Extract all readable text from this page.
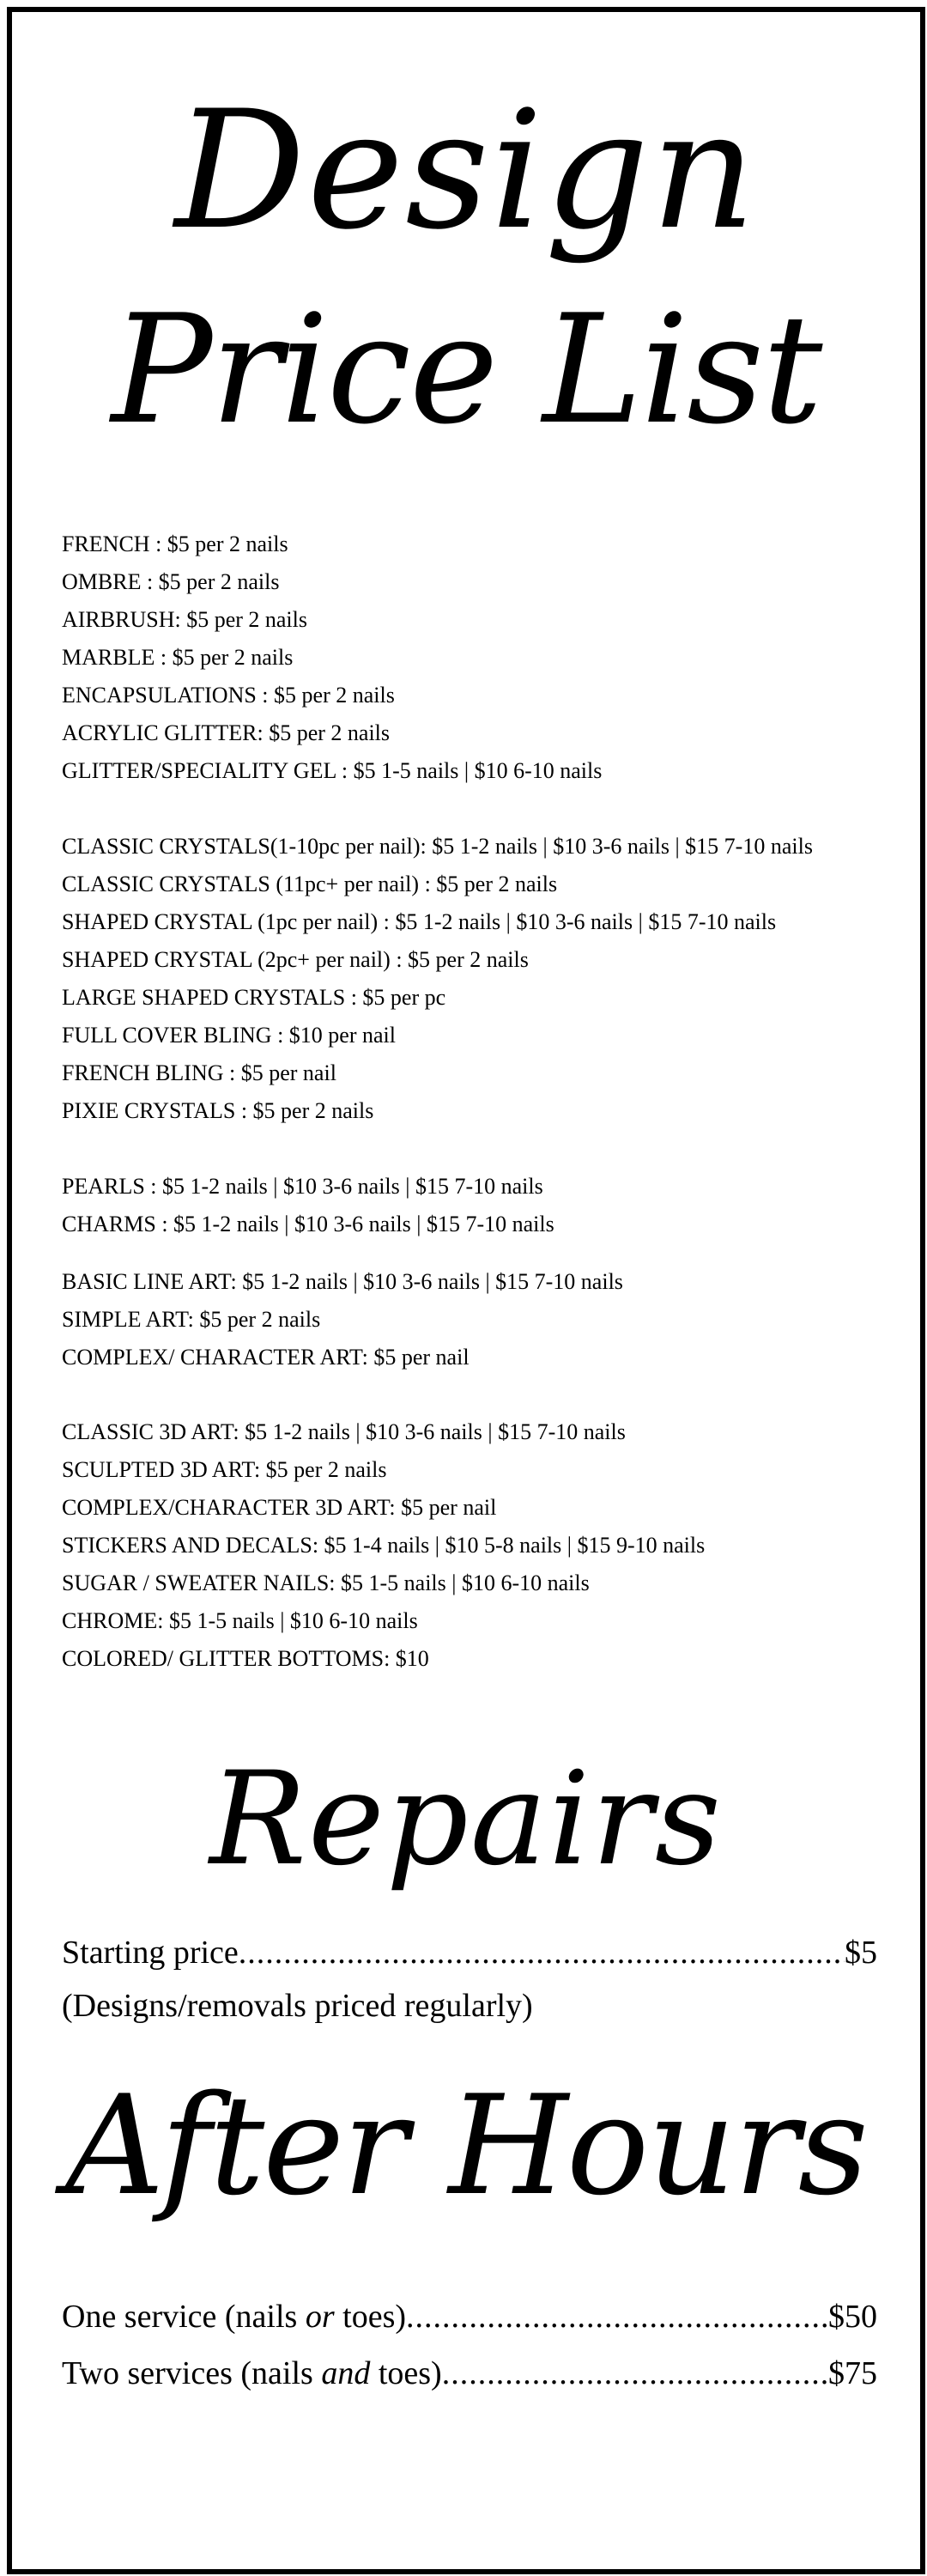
Design
Price List
FRENCH : $5 per 2 nails
OMBRE : $5 per 2 nails
AIRBRUSH: $5 per 2 nails
MARBLE : $5 per 2 nails
ENCAPSULATIONS : $5 per 2 nails
ACRYLIC GLITTER: $5 per 2 nails
GLITTER/SPECIALITY GEL : $5 1-5 nails | $10 6-10 nails
CLASSIC CRYSTALS(1-10pc per nail): $5 1-2 nails | $10 3-6 nails | $15 7-10 nails
CLASSIC CRYSTALS (11pc+ per nail) : $5 per 2 nails
SHAPED CRYSTAL (1pc per nail) : $5 1-2 nails | $10 3-6 nails | $15 7-10 nails
SHAPED CRYSTAL (2pc+ per nail) : $5 per 2 nails
LARGE SHAPED CRYSTALS : $5 per pc
FULL COVER BLING : $10 per nail
FRENCH BLING : $5 per nail
PIXIE CRYSTALS : $5 per 2 nails
PEARLS : $5 1-2 nails | $10 3-6 nails | $15 7-10 nails
CHARMS : $5 1-2 nails | $10 3-6 nails | $15 7-10 nails
BASIC LINE ART: $5 1-2 nails | $10 3-6 nails | $15 7-10 nails
SIMPLE ART: $5 per 2 nails
COMPLEX/ CHARACTER ART: $5 per nail
CLASSIC 3D ART: $5 1-2 nails | $10 3-6 nails | $15 7-10 nails
SCULPTED 3D ART: $5 per 2 nails
COMPLEX/CHARACTER 3D ART: $5 per nail
STICKERS AND DECALS: $5 1-4 nails | $10 5-8 nails | $15 9-10 nails
SUGAR / SWEATER NAILS: $5 1-5 nails | $10 6-10 nails
CHROME: $5 1-5 nails | $10 6-10 nails
COLORED/ GLITTER BOTTOMS: $10
Repairs
Starting price .....	$5
(Designs/removals priced regularly)
After Hours
One service (nails or toes) .....	$50
Two services (nails and toes) .....	$75
